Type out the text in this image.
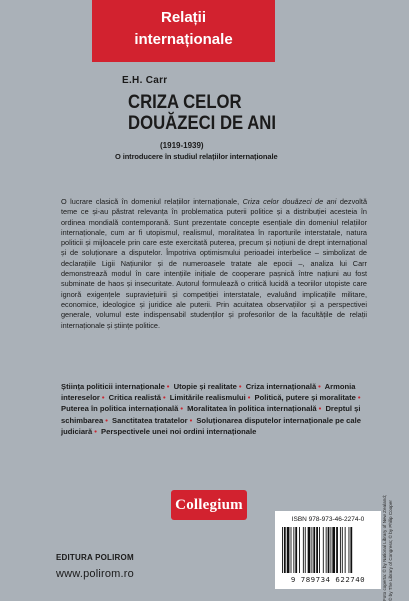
Relații
internaționale
E.H. Carr
CRIZA CELOR
DOUĂZECI DE ANI
(1919-1939)
O introducere în studiul relațiilor internaționale

O lucrare clasică în domeniul relațiilor internaționale, Criza celor douăzeci de ani dezvoltă teme ce și-au păstrat relevanța în problematica puterii politice și a distribuției acesteia în ordinea mondială contemporană. Sunt prezentate concepte esențiale din domeniul relațiilor internaționale, cum ar fi utopismul, realismul, moralitatea în raporturile interstatale, natura politicii și mijloacele prin care este exercitată puterea, precum și noțiuni de drept internațional și de soluționare a disputelor. Împotriva optimismului perioadei interbelice – simbolizat de declarațiile Ligii Națiunilor și de numeroasele tratate ale epocii –, analiza lui Carr demonstrează modul în care intențiile inițiale de cooperare pașnică între națiuni au fost subminate de haos și insecuritate. Autorul formulează o critică lucidă a teoriilor utopiste care ignoră exigențele supraviețuirii și competiției interstatale, evaluând implicațiile militare, economice, ideologice și juridice ale puterii. Prin acuitatea observațiilor și a perspectivei generale, volumul este indispensabil studenților și profesorilor de la facultățile de relații internaționale și științe politice.

Știința politicii internaționale • Utopie și realitate • Criza internațională • Armonia intereselor • Critica realistă • Limitările realismului • Politică, putere și moralitate • Puterea în politica internațională • Moralitatea în politica internațională • Dreptul și schimbarea • Sanctitatea tratatelor • Soluționarea disputelor internaționale pe cale judiciară • Perspectivele unei noi ordini internaționale

Collegium
EDITURA POLIROM
www.polirom.ro
ISBN 978-973-46-2274-0
9 789734 622740	Foto coperta: © by National Library of New Zealand; © by The Library of Congress; © by Philip Cooper
